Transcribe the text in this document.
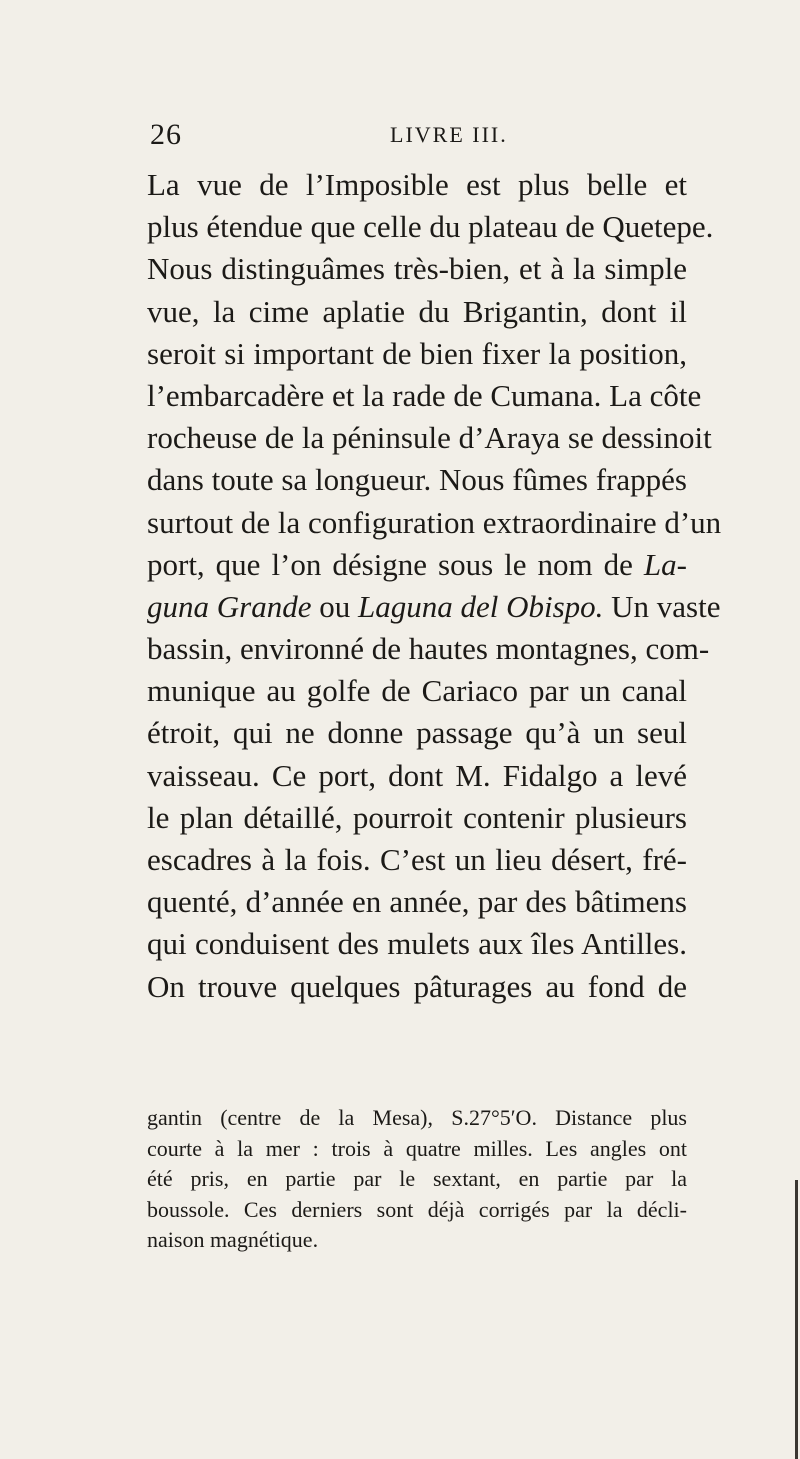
26	LIVRE III.
La vue de l’Imposible est plus belle et
plus étendue que celle du plateau de Quetepe.
Nous distinguâmes très-bien, et à la simple
vue, la cime aplatie du Brigantin, dont il
seroit si important de bien fixer la position,
l’embarcadère et la rade de Cumana. La côte
rocheuse de la péninsule d’Araya se dessinoit
dans toute sa longueur. Nous fûmes frappés
surtout de la configuration extraordinaire d’un
port, que l’on désigne sous le nom de La-
guna Grande ou Laguna del Obispo. Un vaste
bassin, environné de hautes montagnes, com-
munique au golfe de Cariaco par un canal
étroit, qui ne donne passage qu’à un seul
vaisseau. Ce port, dont M. Fidalgo a levé
le plan détaillé, pourroit contenir plusieurs
escadres à la fois. C’est un lieu désert, fré-
quenté, d’année en année, par des bâtimens
qui conduisent des mulets aux îles Antilles.
On trouve quelques pâturages au fond de
gantin (centre de la Mesa), S.27°5′O. Distance plus
courte à la mer : trois à quatre milles. Les angles ont
été pris, en partie par le sextant, en partie par la
boussole. Ces derniers sont déjà corrigés par la décli-
naison magnétique.
